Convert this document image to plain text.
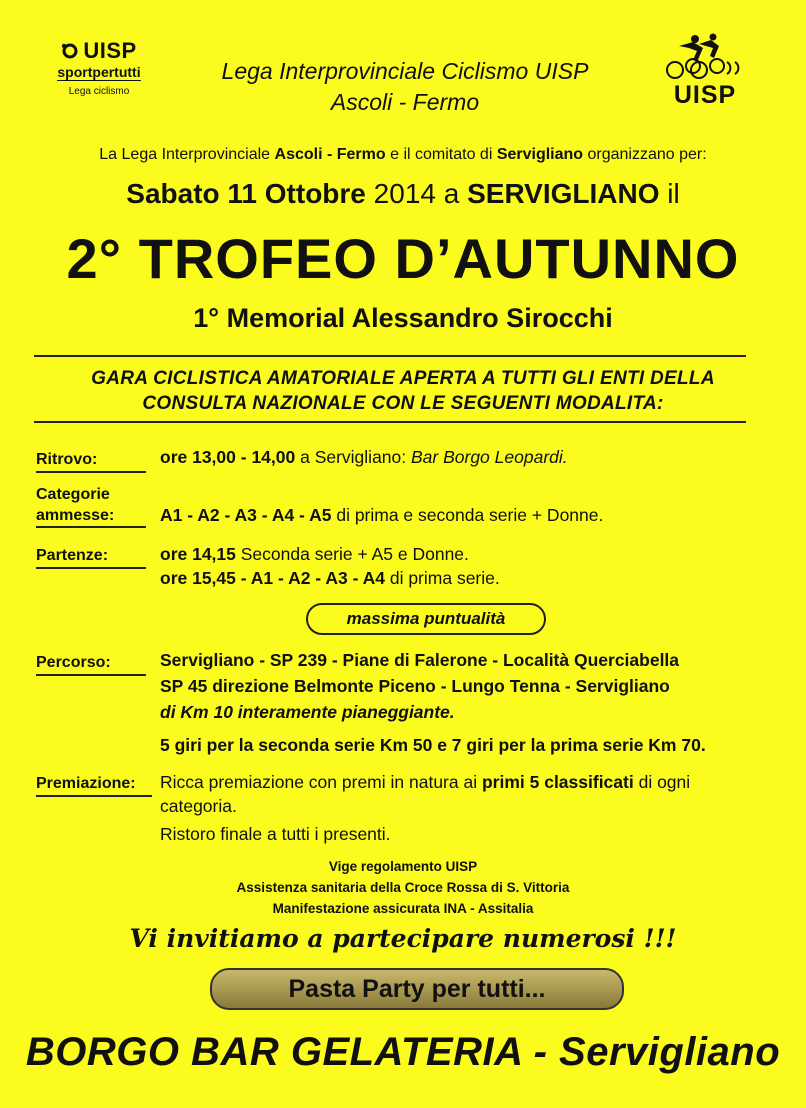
UISP
sportpertutti
Lega ciclismo
Lega Interprovinciale Ciclismo UISP
Ascoli - Fermo	UISP
La Lega Interprovinciale Ascoli - Fermo e il comitato di Servigliano organizzano per:
Sabato 11 Ottobre 2014 a SERVIGLIANO il
2° TROFEO D’AUTUNNO
1° Memorial Alessandro Sirocchi
GARA CICLISTICA AMATORIALE APERTA A TUTTI GLI ENTI DELLA
CONSULTA NAZIONALE CON LE SEGUENTI MODALITA:
Ritrovo:	ore 13,00 - 14,00 a Servigliano: Bar Borgo Leopardi.
Categorie
ammesse:	A1 - A2 - A3 - A4 - A5 di prima e seconda serie + Donne.
Partenze:	ore 14,15 Seconda serie + A5 e Donne.
ore 15,45 - A1 - A2 - A3 - A4 di prima serie.
massima puntualità
Percorso:	Servigliano - SP 239 - Piane di Falerone - Località Querciabella
SP 45 direzione Belmonte Piceno - Lungo Tenna - Servigliano
di Km 10 interamente pianeggiante.
5 giri per la seconda serie Km 50 e 7 giri per la prima serie Km 70.
Premiazione: Ricca premiazione con premi in natura ai primi 5 classificati di ogni
categoria.
Ristoro finale a tutti i presenti.
Vige regolamento UISP
Assistenza sanitaria della Croce Rossa di S. Vittoria
Manifestazione assicurata INA - Assitalia
Vi invitiamo a partecipare numerosi !!!
Pasta Party per tutti...
BORGO BAR GELATERIA - Servigliano
